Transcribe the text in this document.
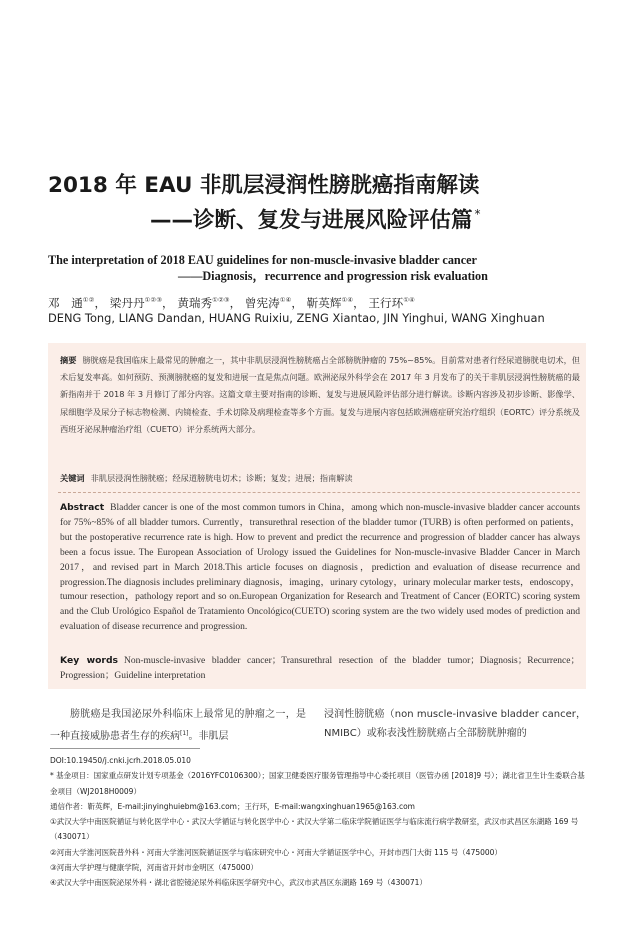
2018 年 EAU 非肌层浸润性膀胱癌指南解读
——诊断、复发与进展风险评估篇 *
The interpretation of 2018 EAU guidelines for non-muscle-invasive bladder cancer
——Diagnosis，recurrence and progression risk evaluation
邓　通①②， 梁丹丹①②③， 黄瑞秀①②③， 曾宪涛①④， 靳英辉①④， 王行环①④
DENG Tong, LIANG Dandan, HUANG Ruixiu, ZENG Xiantao, JIN Yinghui, WANG Xinghuan
摘要 膀胱癌是我国临床上最常见的肿瘤之一，其中非肌层浸润性膀胱癌占全部膀胱肿瘤的 75%~85%。目前常对患者行经尿道膀胱电切术，但术后复发率高。如何预防、预测膀胱癌的复发和进展一直是焦点问题。欧洲泌尿外科学会在 2017 年 3 月发布了的关于非肌层浸润性膀胱癌的最新指南并于 2018 年 3 月修订了部分内容。这篇文章主要对指南的诊断、复发与进展风险评估部分进行解读。诊断内容涉及初步诊断、影像学、尿细胞学及尿分子标志物检测、内镜检查、手术切除及病理检查等多个方面。复发与进展内容包括欧洲癌症研究治疗组织（EORTC）评分系统及西班牙泌尿肿瘤治疗组（CUETO）评分系统两大部分。
关键词 非肌层浸润性膀胱癌；经尿道膀胱电切术；诊断；复发；进展；指南解读
Abstract Bladder cancer is one of the most common tumors in China，among which non-muscle-invasive bladder cancer accounts for 75%~85% of all bladder tumors. Currently，transurethral resection of the bladder tumor (TURB) is often performed on patients，but the postoperative recurrence rate is high. How to prevent and predict the recurrence and progression of bladder cancer has always been a focus issue. The European Association of Urology issued the Guidelines for Non-muscle-invasive Bladder Cancer in March 2017，and revised part in March 2018.This article focuses on diagnosis，prediction and evaluation of disease recurrence and progression.The diagnosis includes preliminary diagnosis，imaging，urinary cytology，urinary molecular marker tests，endoscopy，tumour resection，pathology report and so on.European Organization for Research and Treatment of Cancer (EORTC) scoring system and the Club Urológico Español de Tratamiento Oncológico(CUETO) scoring system are the two widely used modes of prediction and evaluation of disease recurrence and progression.
Key words Non-muscle-invasive bladder cancer；Transurethral resection of the bladder tumor；Diagnosis；Recurrence；Progression；Guideline interpretation
膀胱癌是我国泌尿外科临床上最常见的肿瘤之一，是一种直接威胁患者生存的疾病[1]。非肌层
浸润性膀胱癌（non muscle-invasive bladder cancer，NMIBC）或称表浅性膀胱癌占全部膀胱肿瘤的

DOI:10.19450/j.cnki.jcrh.2018.05.010

* 基金项目：国家重点研发计划专项基金（2016YFC0106300）；国家卫健委医疗服务管理指导中心委托项目（医管办函 [2018]9 号）；湖北省卫生计生委联合基金项目（WJ2018H0009）

通信作者：靳英辉，E-mail:jinyinghuiebm@163.com；王行环，E-mail:wangxinghuan1965@163.com

①武汉大学中南医院循证与转化医学中心・武汉大学循证与转化医学中心・武汉大学第二临床学院循证医学与临床流行病学教研室，武汉市武昌区东湖路 169 号（430071）

②河南大学淮河医院普外科・河南大学淮河医院循证医学与临床研究中心・河南大学循证医学中心，开封市西门大街 115 号（475000）

③河南大学护理与健康学院，河南省开封市金明区（475000）

④武汉大学中南医院泌尿外科・湖北省腔镜泌尿外科临床医学研究中心，武汉市武昌区东湖路 169 号（430071）
